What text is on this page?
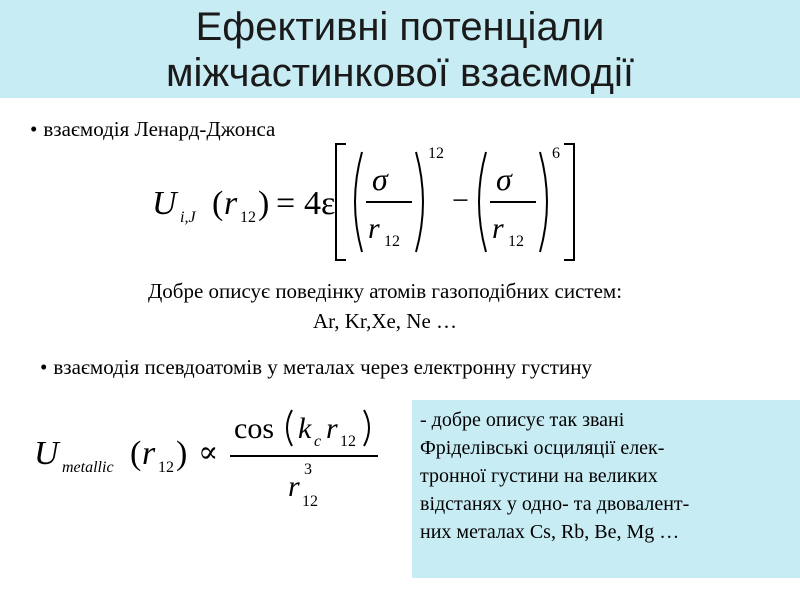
Ефективні потенціали
міжчастинкової взаємодії
• взаємодія Ленард-Джонса
U i,J ( r 12 ) = 4ε
σ
r 12
12
−
σ
r 12
6
Добре описує поведінку атомів газоподібних систем:
Ar, Kr,Xe, Ne …
• взаємодія псевдоатомів у металах через електронну густину
U metallic ( r 12 ) ∝
cos k c r 12
r 12
3
- добре описує так звані
Фріделівські осциляції елек-
тронної густини на великих
відстанях у одно- та двовалент-
них металах Cs, Rb, Be, Mg …
